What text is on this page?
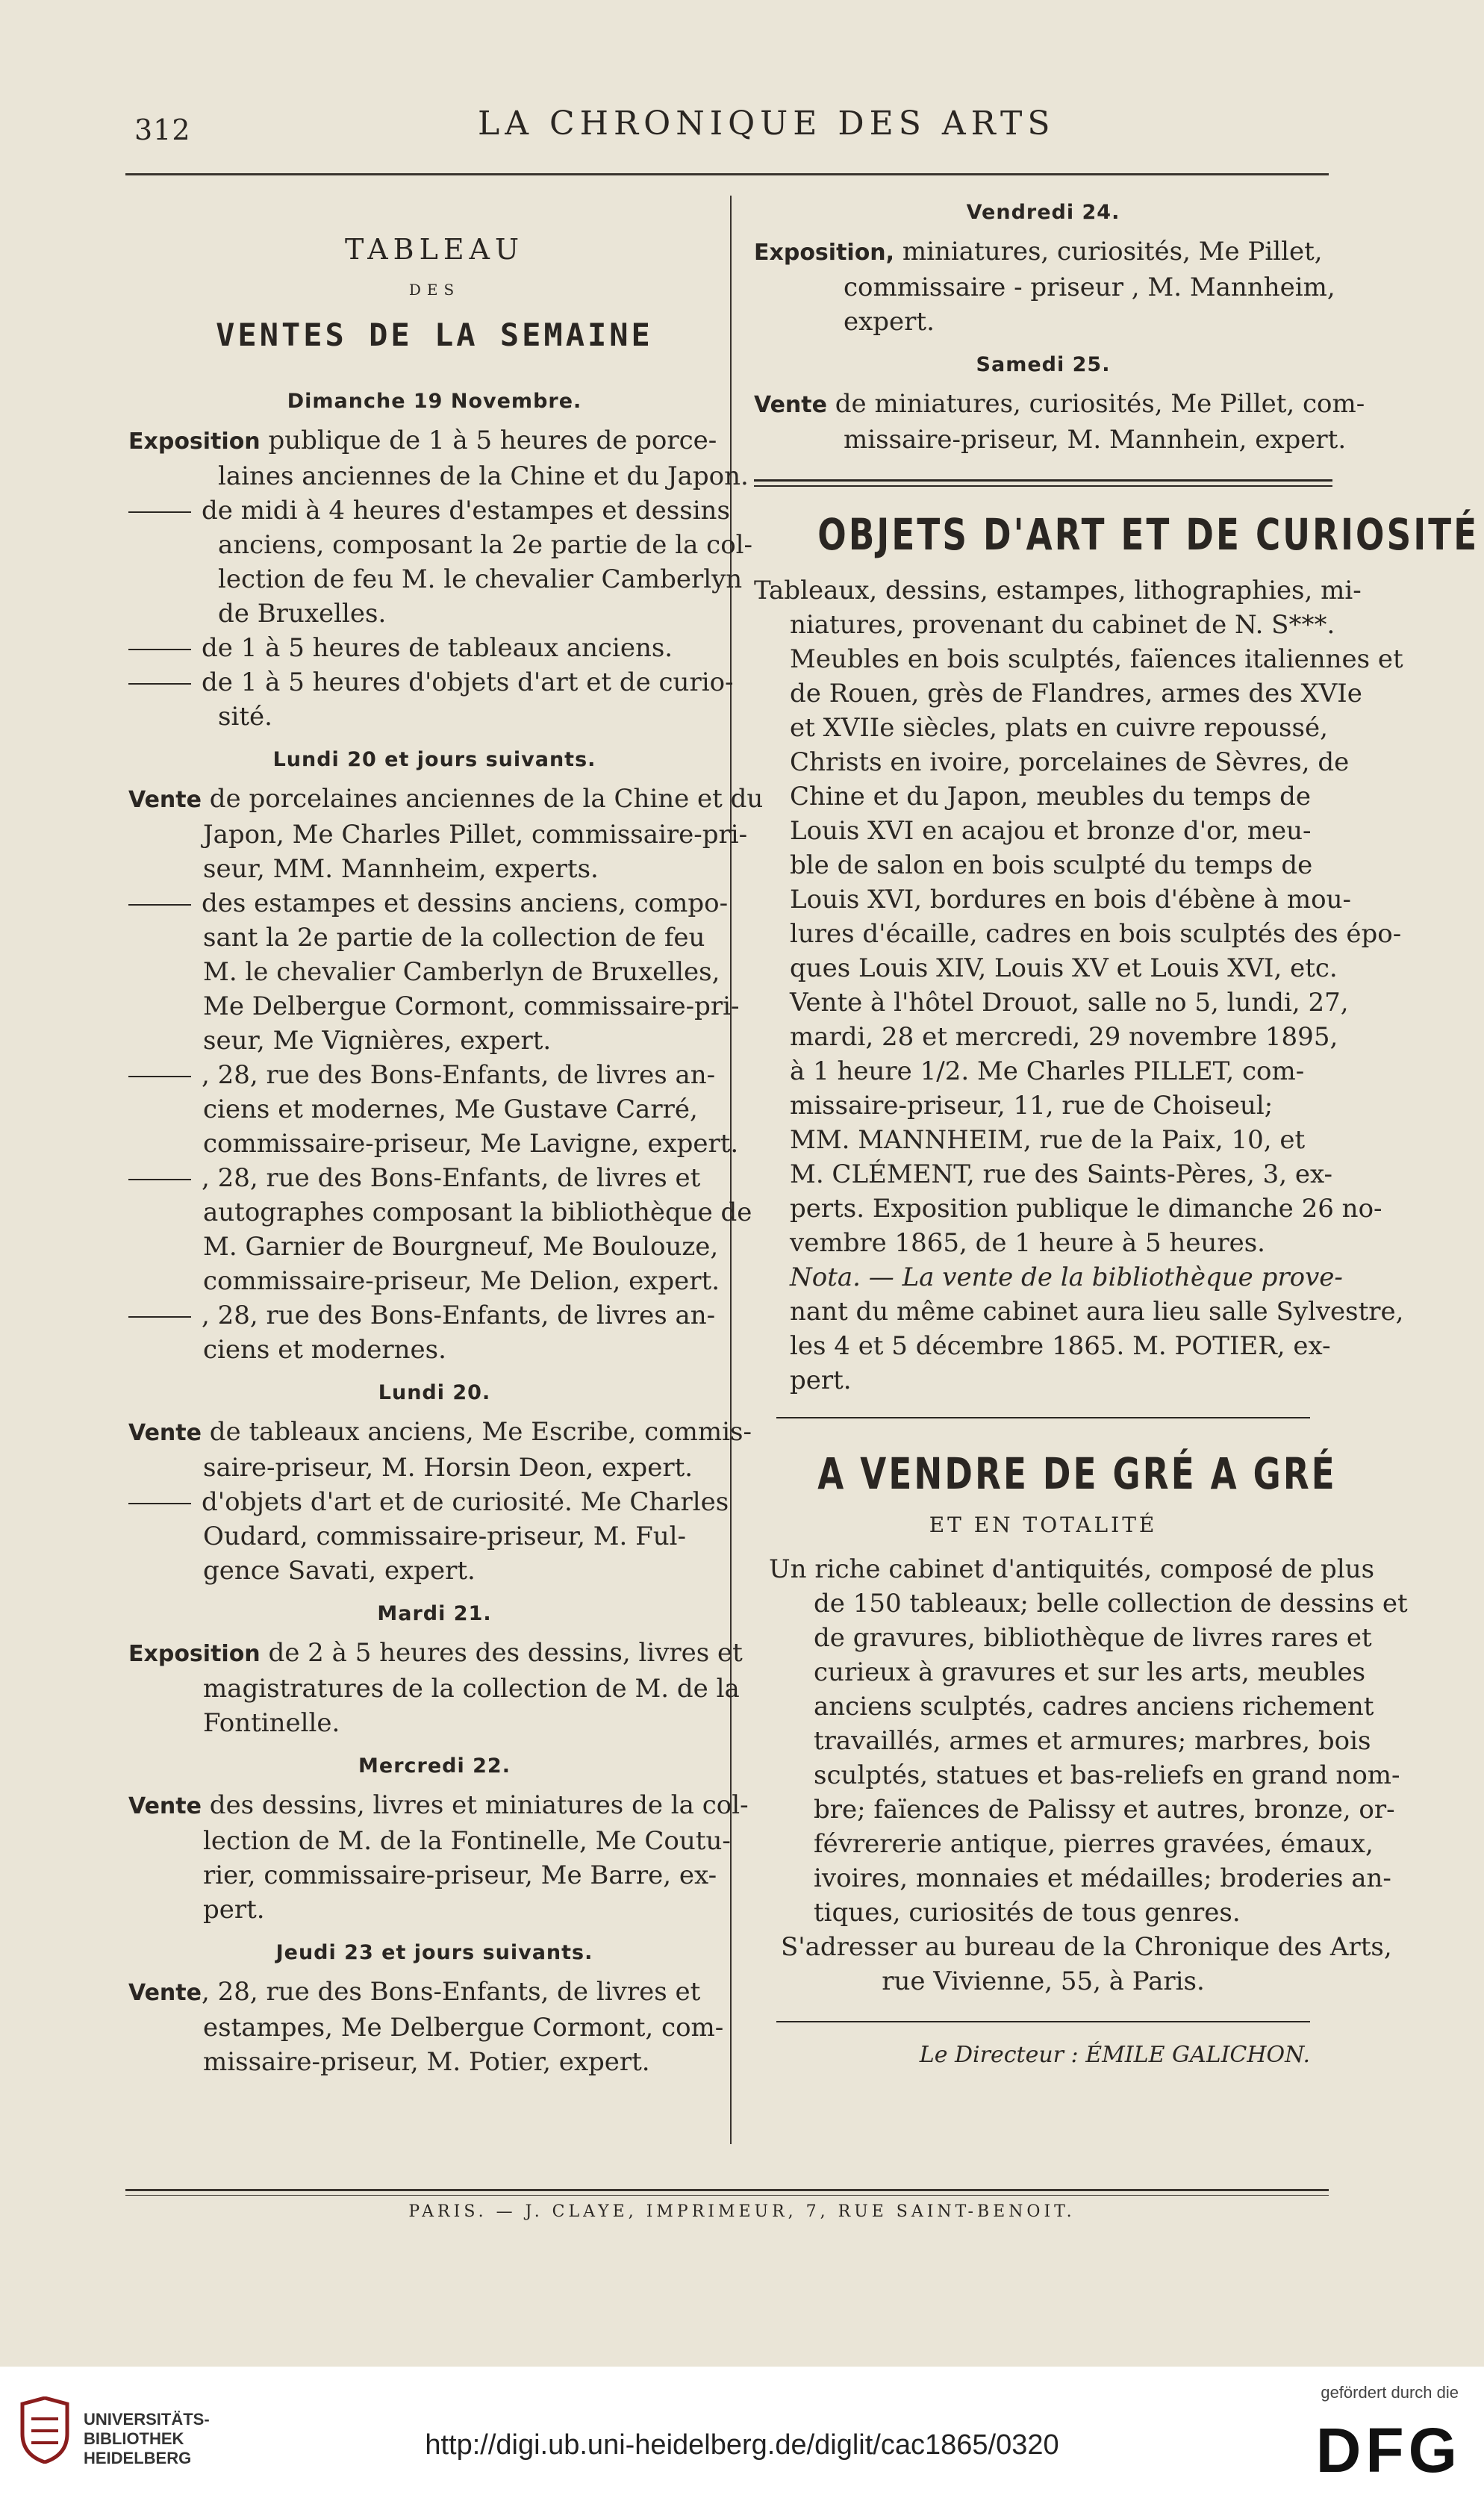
312	LA CHRONIQUE DES ARTS
TABLEAU
DES
VENTES DE LA SEMAINE
Dimanche 19 Novembre.
Exposition publique de 1 à 5 heures de porce-
laines anciennes de la Chine et du Japon.
de midi à 4 heures d'estampes et dessins
anciens, composant la 2e partie de la col-
lection de feu M. le chevalier Camberlyn
de Bruxelles.
de 1 à 5 heures de tableaux anciens.
de 1 à 5 heures d'objets d'art et de curio-
sité.
Lundi 20 et jours suivants.
Vente de porcelaines anciennes de la Chine et du
Japon, Me Charles Pillet, commissaire-pri-
seur, MM. Mannheim, experts.
des estampes et dessins anciens, compo-
sant la 2e partie de la collection de feu
M. le chevalier Camberlyn de Bruxelles,
Me Delbergue Cormont, commissaire-pri-
seur, Me Vignières, expert.
, 28, rue des Bons-Enfants, de livres an-
ciens et modernes, Me Gustave Carré,
commissaire-priseur, Me Lavigne, expert.
, 28, rue des Bons-Enfants, de livres et
autographes composant la bibliothèque de
M. Garnier de Bourgneuf, Me Boulouze,
commissaire-priseur, Me Delion, expert.
, 28, rue des Bons-Enfants, de livres an-
ciens et modernes.
Lundi 20.
Vente de tableaux anciens, Me Escribe, commis-
saire-priseur, M. Horsin Deon, expert.
d'objets d'art et de curiosité. Me Charles
Oudard, commissaire-priseur, M. Ful-
gence Savati, expert.
Mardi 21.
Exposition de 2 à 5 heures des dessins, livres et
magistratures de la collection de M. de la
Fontinelle.
Mercredi 22.
Vente des dessins, livres et miniatures de la col-
lection de M. de la Fontinelle, Me Coutu-
rier, commissaire-priseur, Me Barre, ex-
pert.
Jeudi 23 et jours suivants.
Vente, 28, rue des Bons-Enfants, de livres et
estampes, Me Delbergue Cormont, com-
missaire-priseur, M. Potier, expert.
Vendredi 24.
Exposition, miniatures, curiosités, Me Pillet,
commissaire - priseur , M. Mannheim,
expert.
Samedi 25.
Vente de miniatures, curiosités, Me Pillet, com-
missaire-priseur, M. Mannhein, expert.
OBJETS D'ART ET DE CURIOSITÉ
Tableaux, dessins, estampes, lithographies, mi-
niatures, provenant du cabinet de N. S***.
Meubles en bois sculptés, faïences italiennes et
de Rouen, grès de Flandres, armes des XVIe
et XVIIe siècles, plats en cuivre repoussé,
Christs en ivoire, porcelaines de Sèvres, de
Chine et du Japon, meubles du temps de
Louis XVI en acajou et bronze d'or, meu-
ble de salon en bois sculpté du temps de
Louis XVI, bordures en bois d'ébène à mou-
lures d'écaille, cadres en bois sculptés des épo-
ques Louis XIV, Louis XV et Louis XVI, etc.
Vente à l'hôtel Drouot, salle no 5, lundi, 27,
mardi, 28 et mercredi, 29 novembre 1895,
à 1 heure 1/2. Me Charles PILLET, com-
missaire-priseur, 11, rue de Choiseul;
MM. MANNHEIM, rue de la Paix, 10, et
M. CLÉMENT, rue des Saints-Pères, 3, ex-
perts. Exposition publique le dimanche 26 no-
vembre 1865, de 1 heure à 5 heures.
Nota. — La vente de la bibliothèque prove-
nant du même cabinet aura lieu salle Sylvestre,
les 4 et 5 décembre 1865. M. POTIER, ex-
pert.
A VENDRE DE GRÉ A GRÉ
ET EN TOTALITÉ
Un riche cabinet d'antiquités, composé de plus
de 150 tableaux; belle collection de dessins et
de gravures, bibliothèque de livres rares et
curieux à gravures et sur les arts, meubles
anciens sculptés, cadres anciens richement
travaillés, armes et armures; marbres, bois
sculptés, statues et bas-reliefs en grand nom-
bre; faïences de Palissy et autres, bronze, or-
févrererie antique, pierres gravées, émaux,
ivoires, monnaies et médailles; broderies an-
tiques, curiosités de tous genres.
S'adresser au bureau de la Chronique des Arts,
rue Vivienne, 55, à Paris.
Le Directeur : ÉMILE GALICHON.
PARIS. — J. CLAYE, IMPRIMEUR, 7, RUE SAINT-BENOIT.
UNIVERSITÄTS-
BIBLIOTHEK
HEIDELBERG	http://digi.ub.uni-heidelberg.de/diglit/cac1865/0320
gefördert durch die
DFG
